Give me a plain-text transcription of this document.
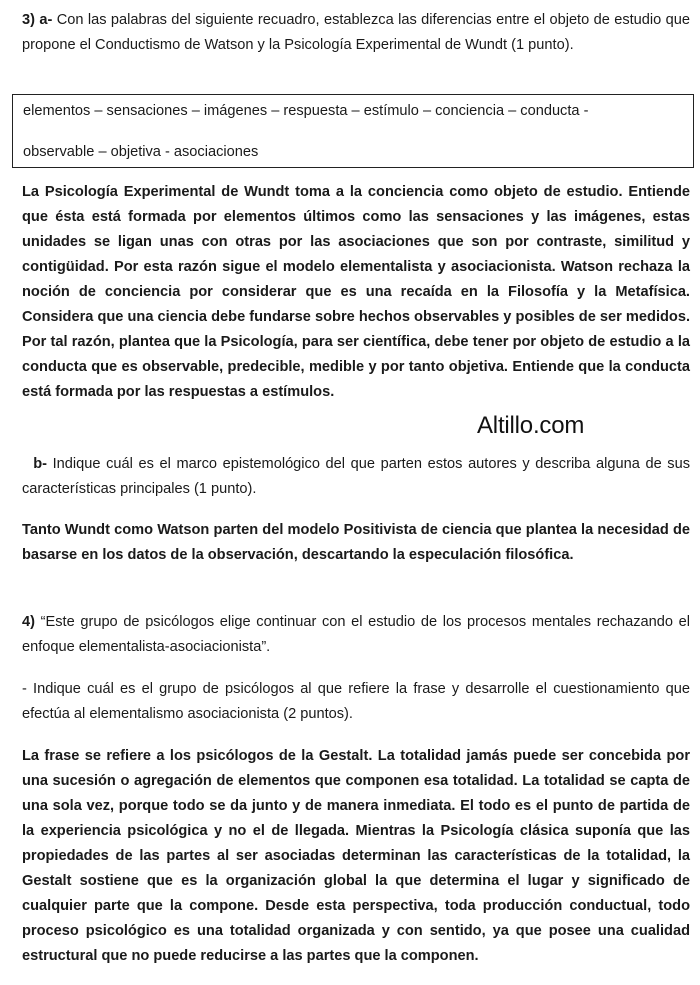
3) a- Con las palabras del siguiente recuadro, establezca las diferencias entre el objeto de estudio que propone el Conductismo de Watson y la Psicología Experimental de Wundt (1 punto).

elementos – sensaciones – imágenes – respuesta – estímulo – conciencia – conducta -
observable – objetiva - asociaciones

La Psicología Experimental de Wundt toma a la conciencia como objeto de estudio. Entiende que ésta está formada por elementos últimos como las sensaciones y las imágenes, estas unidades se ligan unas con otras por las asociaciones que son por contraste, similitud y contigüidad. Por esta razón sigue el modelo elementalista y asociacionista. Watson rechaza la noción de conciencia por considerar que es una recaída en la Filosofía y la Metafísica. Considera que una ciencia debe fundarse sobre hechos observables y posibles de ser medidos. Por tal razón, plantea que la Psicología, para ser científica, debe tener por objeto de estudio a la conducta que es observable, predecible, medible y por tanto objetiva. Entiende que la conducta está formada por las respuestas a estímulos.

Altillo.com

b- Indique cuál es el marco epistemológico del que parten estos autores y describa alguna de sus características principales (1 punto).

Tanto Wundt como Watson parten del modelo Positivista de ciencia que plantea la necesidad de basarse en los datos de la observación, descartando la especulación filosófica.

4) “Este grupo de psicólogos elige continuar con el estudio de los procesos mentales rechazando el enfoque elementalista-asociacionista”.

- Indique cuál es el grupo de psicólogos al que refiere la frase y desarrolle el cuestionamiento que efectúa al elementalismo asociacionista (2 puntos).

La frase se refiere a los psicólogos de la Gestalt. La totalidad jamás puede ser concebida por una sucesión o agregación de elementos que componen esa totalidad. La totalidad se capta de una sola vez, porque todo se da junto y de manera inmediata. El todo es el punto de partida de la experiencia psicológica y no el de llegada. Mientras la Psicología clásica suponía que las propiedades de las partes al ser asociadas determinan las características de la totalidad, la Gestalt sostiene que es la organización global la que determina el lugar y significado de cualquier parte que la compone. Desde esta perspectiva, toda producción conductual, todo proceso psicológico es una totalidad organizada y con sentido, ya que posee una cualidad estructural que no puede reducirse a las partes que la componen.
